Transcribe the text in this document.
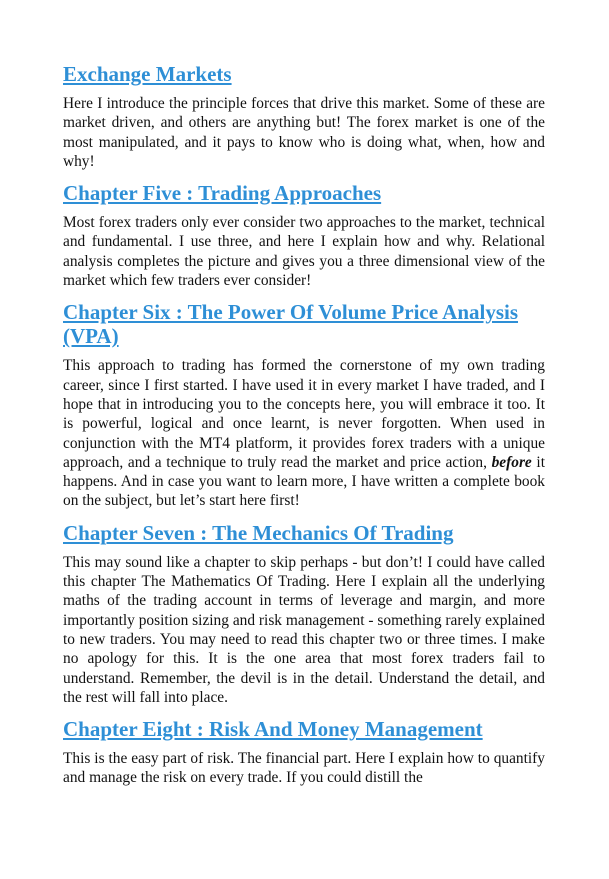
Exchange Markets

Here I introduce the principle forces that drive this market. Some of these are market driven, and others are anything but! The forex market is one of the most manipulated, and it pays to know who is doing what, when, how and why!

Chapter Five : Trading Approaches

Most forex traders only ever consider two approaches to the market, technical and fundamental. I use three, and here I explain how and why. Relational analysis completes the picture and gives you a three dimensional view of the market which few traders ever consider!

Chapter Six : The Power Of Volume Price Analysis (VPA)

This approach to trading has formed the cornerstone of my own trading career, since I first started. I have used it in every market I have traded, and I hope that in introducing you to the concepts here, you will embrace it too. It is powerful, logical and once learnt, is never forgotten. When used in conjunction with the MT4 platform, it provides forex traders with a unique approach, and a technique to truly read the market and price action, before it happens. And in case you want to learn more, I have written a complete book on the subject, but let’s start here first!

Chapter Seven : The Mechanics Of Trading

This may sound like a chapter to skip perhaps - but don’t! I could have called this chapter The Mathematics Of Trading. Here I explain all the underlying maths of the trading account in terms of leverage and margin, and more importantly position sizing and risk management - something rarely explained to new traders. You may need to read this chapter two or three times. I make no apology for this. It is the one area that most forex traders fail to understand. Remember, the devil is in the detail. Understand the detail, and the rest will fall into place.

Chapter Eight : Risk And Money Management

This is the easy part of risk. The financial part. Here I explain how to quantify and manage the risk on every trade. If you could distill the
